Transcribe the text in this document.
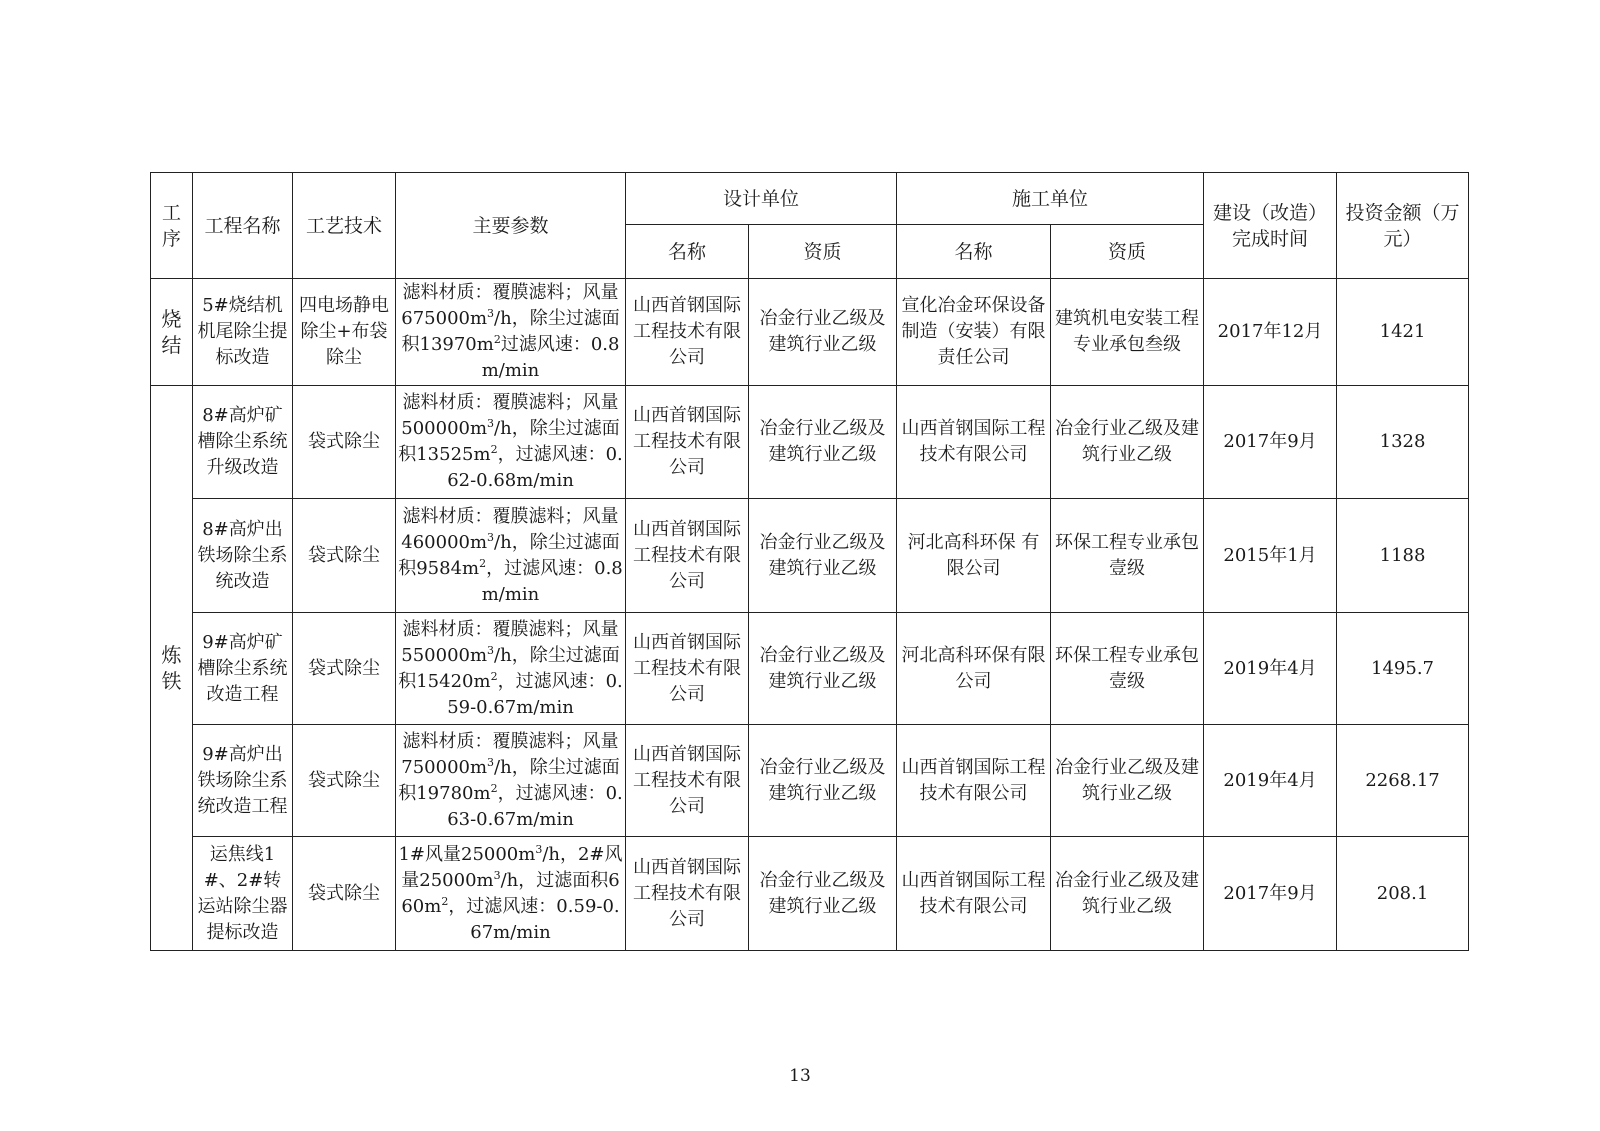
工序	工程名称	工艺技术	主要参数	设计单位		施工单位		建设（改造）完成时间	投资金额（万元）
				名称	资质	名称	资质		
烧结	5#烧结机机尾除尘提标改造	四电场静电除尘+布袋除尘	滤料材质：覆膜滤料；风量$675000m^3/h$，除尘过滤面积$13970m^2$过滤风速：0.8m/min	山西首钢国际工程技术有限公司	冶金行业乙级及建筑行业乙级	宣化冶金环保设备制造（安装）有限责任公司	建筑机电安装工程专业承包叁级	2017年12月	1421
炼铁	8#高炉矿槽除尘系统升级改造	袋式除尘	滤料材质：覆膜滤料；风量$500000m^3/h$，除尘过滤面积$13525m^2$，过滤风速：0.62-0.68m/min	山西首钢国际工程技术有限公司	冶金行业乙级及建筑行业乙级	山西首钢国际工程技术有限公司	冶金行业乙级及建筑行业乙级	2017年9月	1328
	8#高炉出铁场除尘系统改造	袋式除尘	滤料材质：覆膜滤料；风量$460000m^3/h$，除尘过滤面积$9584m^2$，过滤风速：0.8m/min	山西首钢国际工程技术有限公司	冶金行业乙级及建筑行业乙级	河北高科环保 有限公司	环保工程专业承包壹级	2015年1月	1188
	9#高炉矿槽除尘系统改造工程	袋式除尘	滤料材质：覆膜滤料；风量$550000m^3/h$，除尘过滤面积$15420m^2$，过滤风速：0.59-0.67m/min	山西首钢国际工程技术有限公司	冶金行业乙级及建筑行业乙级	河北高科环保有限公司	环保工程专业承包壹级	2019年4月	1495.7
	9#高炉出铁场除尘系统改造工程	袋式除尘	滤料材质：覆膜滤料；风量$750000m^3/h$，除尘过滤面积$19780m^2$，过滤风速：0.63-0.67m/min	山西首钢国际工程技术有限公司	冶金行业乙级及建筑行业乙级	山西首钢国际工程技术有限公司	冶金行业乙级及建筑行业乙级	2019年4月	2268.17
	运焦线1#、2#转运站除尘器提标改造	袋式除尘	1#风量$25000m^3/h$，2#风量$25000m^3/h$，过滤面积$660m^2$，过滤风速：0.59-0.67m/min	山西首钢国际工程技术有限公司	冶金行业乙级及建筑行业乙级	山西首钢国际工程技术有限公司	冶金行业乙级及建筑行业乙级	2017年9月	208.1
13
